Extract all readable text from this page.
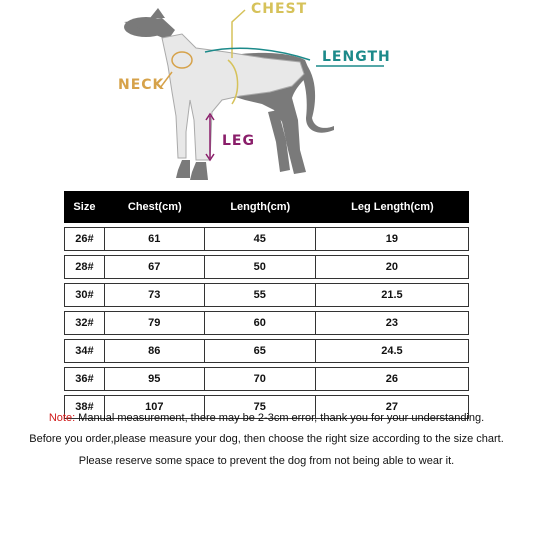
CHEST
LENGTH
NECK
LEG
Size	Chest(cm)	Length(cm)	Leg Length(cm)
26#	61	45	19
28#	67	50	20
30#	73	55	21.5
32#	79	60	23
34#	86	65	24.5
36#	95	70	26
38#	107	75	27
Note: Manual measurement, there may be 2-3cm error, thank you for your understanding.
Before you order,please measure your dog, then choose the right size according to the size chart.
Please reserve some space to prevent the dog from not being able to wear it.
